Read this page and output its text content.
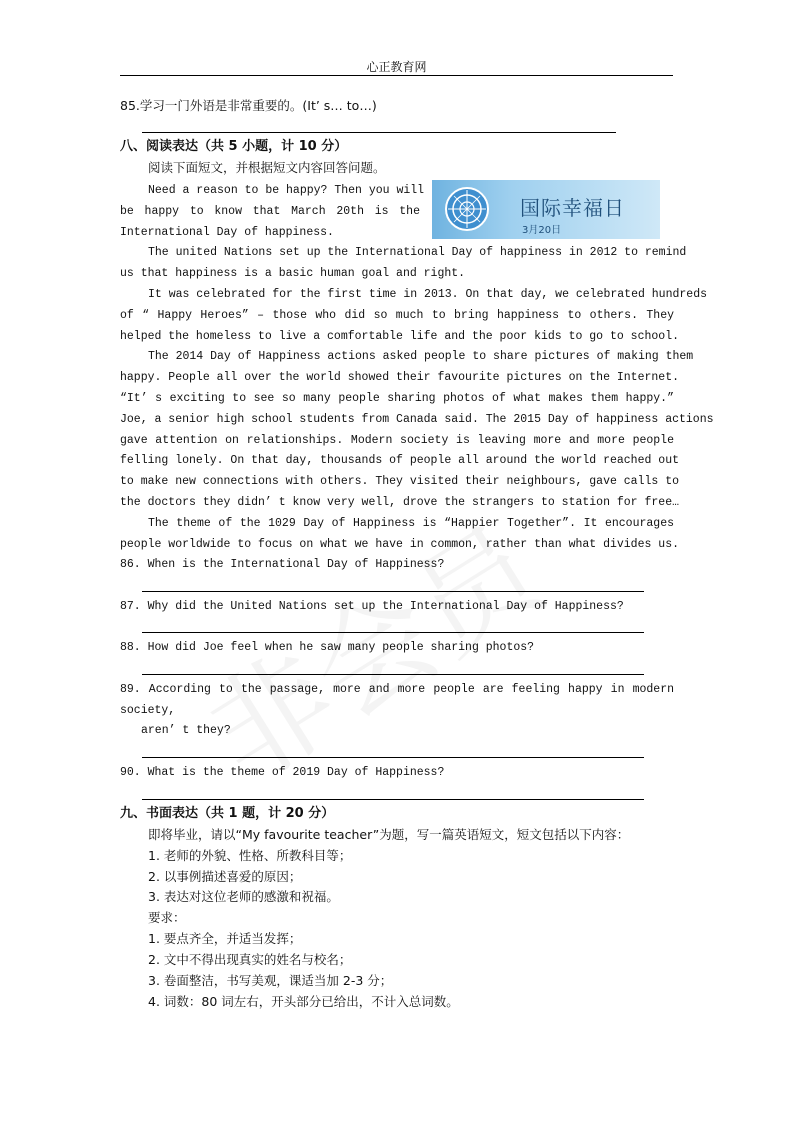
心正教育网
85.学习一门外语是非常重要的。(It’ s… to…)
八、阅读表达（共 5 小题，计 10 分）
阅读下面短文，并根据短文内容回答问题。
国际幸福日
3月20日
Need a reason to be happy? Then you will
be happy to know that March 20th is the
International Day of happiness.
The united Nations set up the International Day of happiness in 2012 to remind
us that happiness is a basic human goal and right.
It was celebrated for the first time in 2013. On that day, we celebrated hundreds
of “ Happy Heroes” – those who did so much to bring happiness to others. They
helped the homeless to live a comfortable life and the poor kids to go to school.
The 2014 Day of Happiness actions asked people to share pictures of making them
happy. People all over the world showed their favourite pictures on the Internet.
“It’ s exciting to see so many people sharing photos of what makes them happy.”
Joe, a senior high school students from Canada said. The 2015 Day of happiness actions
gave attention on relationships. Modern society is leaving more and more people
felling lonely. On that day, thousands of people all around the world reached out
to make new connections with others. They visited their neighbours, gave calls to
the doctors they didn’ t know very well, drove the strangers to station for free…
The theme of the 1029 Day of Happiness is “Happier Together”. It encourages
people worldwide to focus on what we have in common, rather than what divides us.
86. When is the International Day of Happiness?
87. Why did the United Nations set up the International Day of Happiness?
88. How did Joe feel when he saw many people sharing photos?
89. According to the passage, more and more people are feeling happy in modern
society,
aren’ t they?
90. What is the theme of 2019 Day of Happiness?
九、书面表达（共 1 题，计 20 分）
即将毕业，请以“My favourite teacher”为题，写一篇英语短文，短文包括以下内容：
1. 老师的外貌、性格、所教科目等；
2. 以事例描述喜爱的原因；
3. 表达对这位老师的感激和祝福。
要求：
1. 要点齐全，并适当发挥；
2. 文中不得出现真实的姓名与校名；
3. 卷面整洁，书写美观，课适当加 2-3 分；
4. 词数：80 词左右，开头部分已给出，不计入总词数。
